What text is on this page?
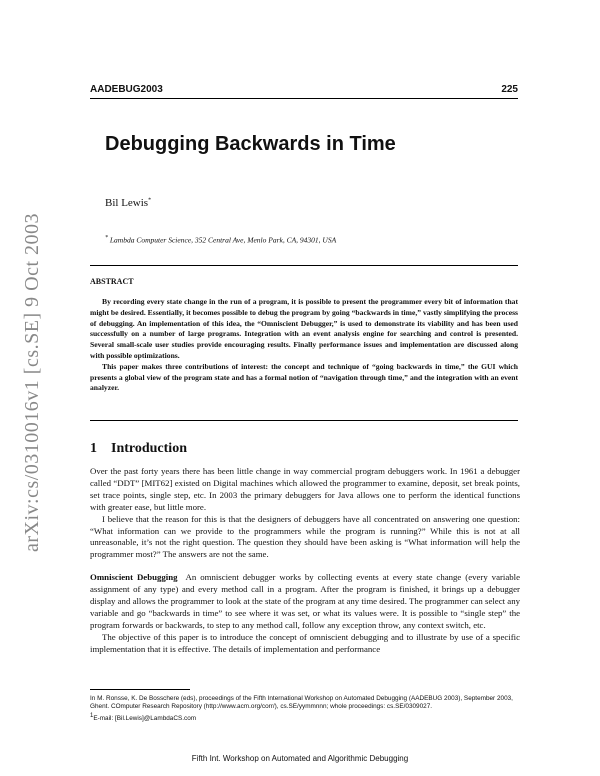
AADEBUG2003	225
arXiv:cs/0310016v1 [cs.SE] 9 Oct 2003
Debugging Backwards in Time
Bil Lewis*
* Lambda Computer Science, 352 Central Ave, Menlo Park, CA, 94301, USA
ABSTRACT

By recording every state change in the run of a program, it is possible to present the programmer every bit of information that might be desired. Essentially, it becomes possible to debug the program by going “backwards in time,” vastly simplifying the process of debugging. An implementation of this idea, the “Omniscient Debugger,” is used to demonstrate its viability and has been used successfully on a number of large programs. Integration with an event analysis engine for searching and control is presented. Several small-scale user studies provide encouraging results. Finally performance issues and implementation are discussed along with possible optimizations.

This paper makes three contributions of interest: the concept and technique of “going backwards in time,” the GUI which presents a global view of the program state and has a formal notion of “navigation through time,” and the integration with an event analyzer.

1 Introduction

Over the past forty years there has been little change in way commercial program debuggers work. In 1961 a debugger called “DDT” [MIT62] existed on Digital machines which allowed the programmer to examine, deposit, set break points, set trace points, single step, etc. In 2003 the primary debuggers for Java allows one to perform the identical functions with greater ease, but little more.

I believe that the reason for this is that the designers of debuggers have all concentrated on answering one question: “What information can we provide to the programmers while the program is running?” While this is not at all unreasonable, it’s not the right question. The question they should have been asking is “What information will help the programmer most?” The answers are not the same.

Omniscient Debugging An omniscient debugger works by collecting events at every state change (every variable assignment of any type) and every method call in a program. After the program is finished, it brings up a debugger display and allows the programmer to look at the state of the program at any time desired. The programmer can select any variable and go “backwards in time” to see where it was set, or what its values were. It is possible to “single step” the program forwards or backwards, to step to any method call, follow any exception throw, any context switch, etc.

The objective of this paper is to introduce the concept of omniscient debugging and to illustrate by use of a specific implementation that it is effective. The details of implementation and performance

In M. Ronsse, K. De Bosschere (eds), proceedings of the Fifth International Workshop on Automated Debugging (AADEBUG 2003), September 2003, Ghent. COmputer Research Repository (http://www.acm.org/corr/), cs.SE/yymmnnn; whole proceedings: cs.SE/0309027.

1E-mail: [Bil.Lewis]@LambdaCS.com

Fifth Int. Workshop on Automated and Algorithmic Debugging
